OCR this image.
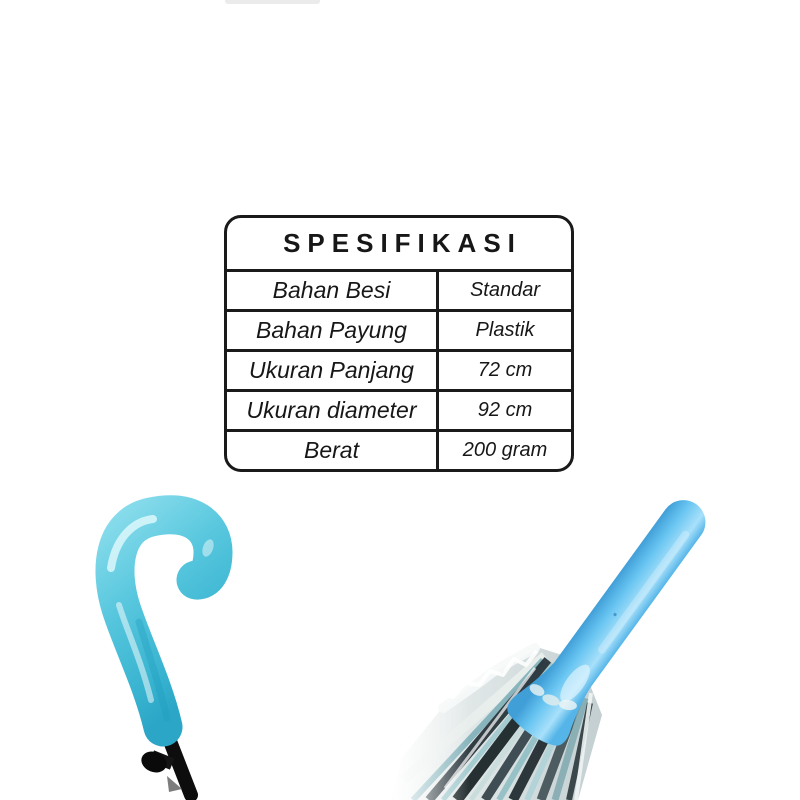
SPESIFIKASI
Bahan Besi	Standar
Bahan Payung	Plastik
Ukuran Panjang	72 cm
Ukuran diameter	92 cm
Berat	200 gram
